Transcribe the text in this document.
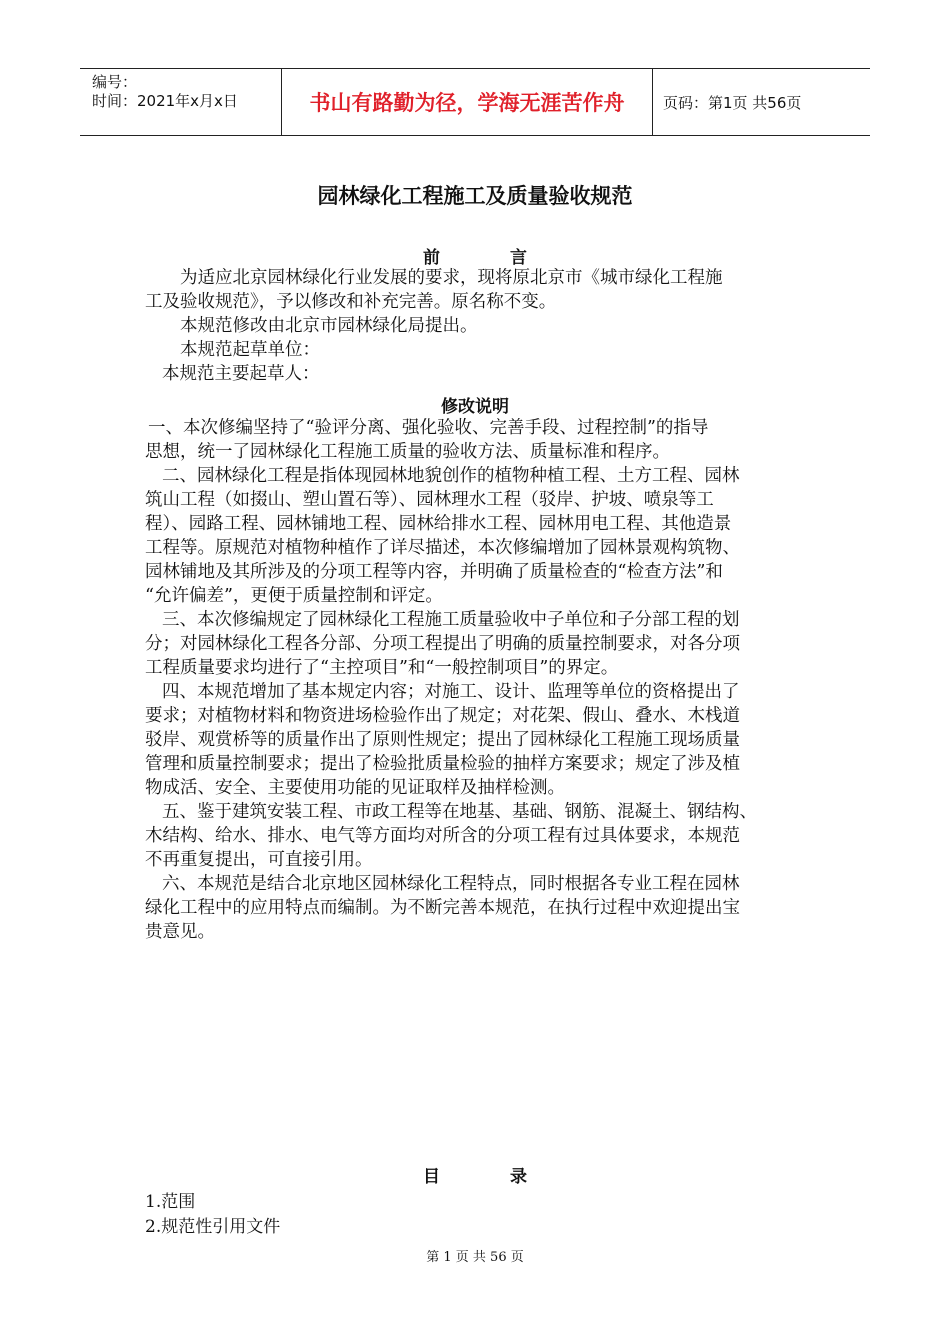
编号：
时间：2021年x月x日	书山有路勤为径，学海无涯苦作舟	页码：第1页 共56页
园林绿化工程施工及质量验收规范
前	言
为适应北京园林绿化行业发展的要求，现将原北京市《城市绿化工程施
工及验收规范》，予以修改和补充完善。原名称不变。
本规范修改由北京市园林绿化局提出。
本规范起草单位：
本规范主要起草人：
修改说明
一、本次修编坚持了“验评分离、强化验收、完善手段、过程控制”的指导
思想，统一了园林绿化工程施工质量的验收方法、质量标准和程序。
二、园林绿化工程是指体现园林地貌创作的植物种植工程、土方工程、园林
筑山工程（如掇山、塑山置石等）、园林理水工程（驳岸、护坡、喷泉等工
程）、园路工程、园林铺地工程、园林给排水工程、园林用电工程、其他造景
工程等。原规范对植物种植作了详尽描述，本次修编增加了园林景观构筑物、
园林铺地及其所涉及的分项工程等内容，并明确了质量检查的“检查方法”和
“允许偏差”，更便于质量控制和评定。
三、本次修编规定了园林绿化工程施工质量验收中子单位和子分部工程的划
分；对园林绿化工程各分部、分项工程提出了明确的质量控制要求，对各分项
工程质量要求均进行了“主控项目”和“一般控制项目”的界定。
四、本规范增加了基本规定内容；对施工、设计、监理等单位的资格提出了
要求；对植物材料和物资进场检验作出了规定；对花架、假山、叠水、木栈道
驳岸、观赏桥等的质量作出了原则性规定；提出了园林绿化工程施工现场质量
管理和质量控制要求；提出了检验批质量检验的抽样方案要求；规定了涉及植
物成活、安全、主要使用功能的见证取样及抽样检测。
五、鉴于建筑安装工程、市政工程等在地基、基础、钢筋、混凝土、钢结构、
木结构、给水、排水、电气等方面均对所含的分项工程有过具体要求，本规范
不再重复提出，可直接引用。
六、本规范是结合北京地区园林绿化工程特点，同时根据各专业工程在园林
绿化工程中的应用特点而编制。为不断完善本规范，在执行过程中欢迎提出宝
贵意见。
目	录
1.范围
2.规范性引用文件
第 1 页 共 56 页
